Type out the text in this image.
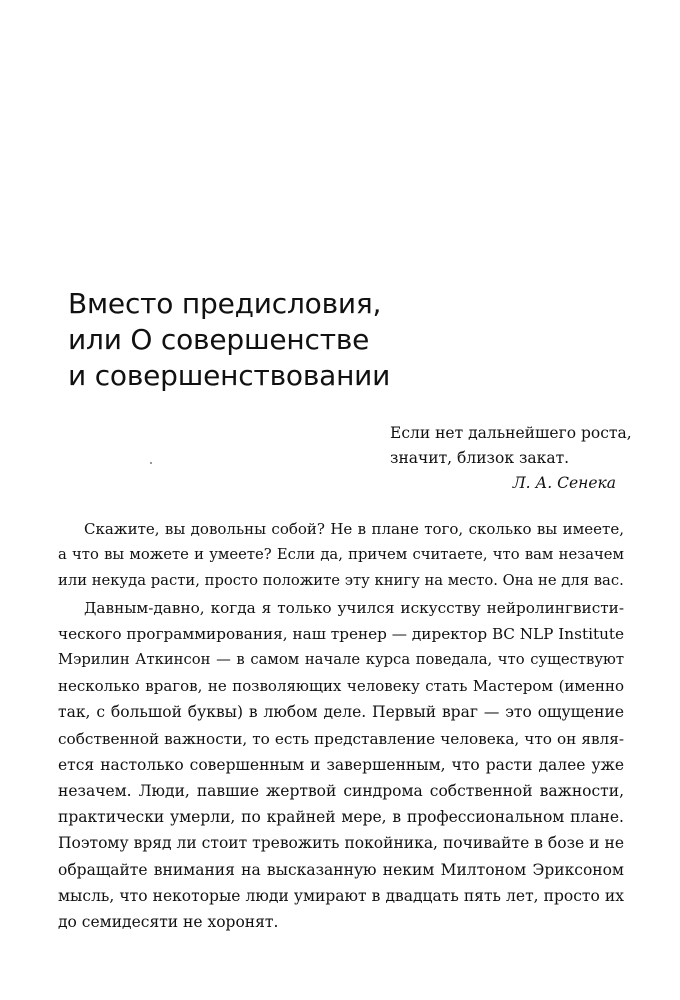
Вместо предисловия,
или О совершенстве
и совершенствовании
Если нет дальнейшего роста,
значит, близок закат.
Л. А. Сенека
Скажите, вы довольны собой? Не в плане того, сколько вы имеете,
а что вы можете и умеете? Если да, причем считаете, что вам незачем
или некуда расти, просто положите эту книгу на место. Она не для вас.
Давным-давно, когда я только учился искусству нейролингвисти-
ческого программирования, наш тренер — директор ВС NLP Institute
Мэрилин Аткинсон — в самом начале курса поведала, что существуют
несколько врагов, не позволяющих человеку стать Мастером (именно
так, с большой буквы) в любом деле. Первый враг — это ощущение
собственной важности, то есть представление человека, что он явля-
ется настолько совершенным и завершенным, что расти далее уже
незачем. Люди, павшие жертвой синдрома собственной важности,
практически умерли, по крайней мере, в профессиональном плане.
Поэтому вряд ли стоит тревожить покойника, почивайте в бозе и не
обращайте внимания на высказанную неким Милтоном Эриксоном
мысль, что некоторые люди умирают в двадцать пять лет, просто их
до семидесяти не хоронят.
